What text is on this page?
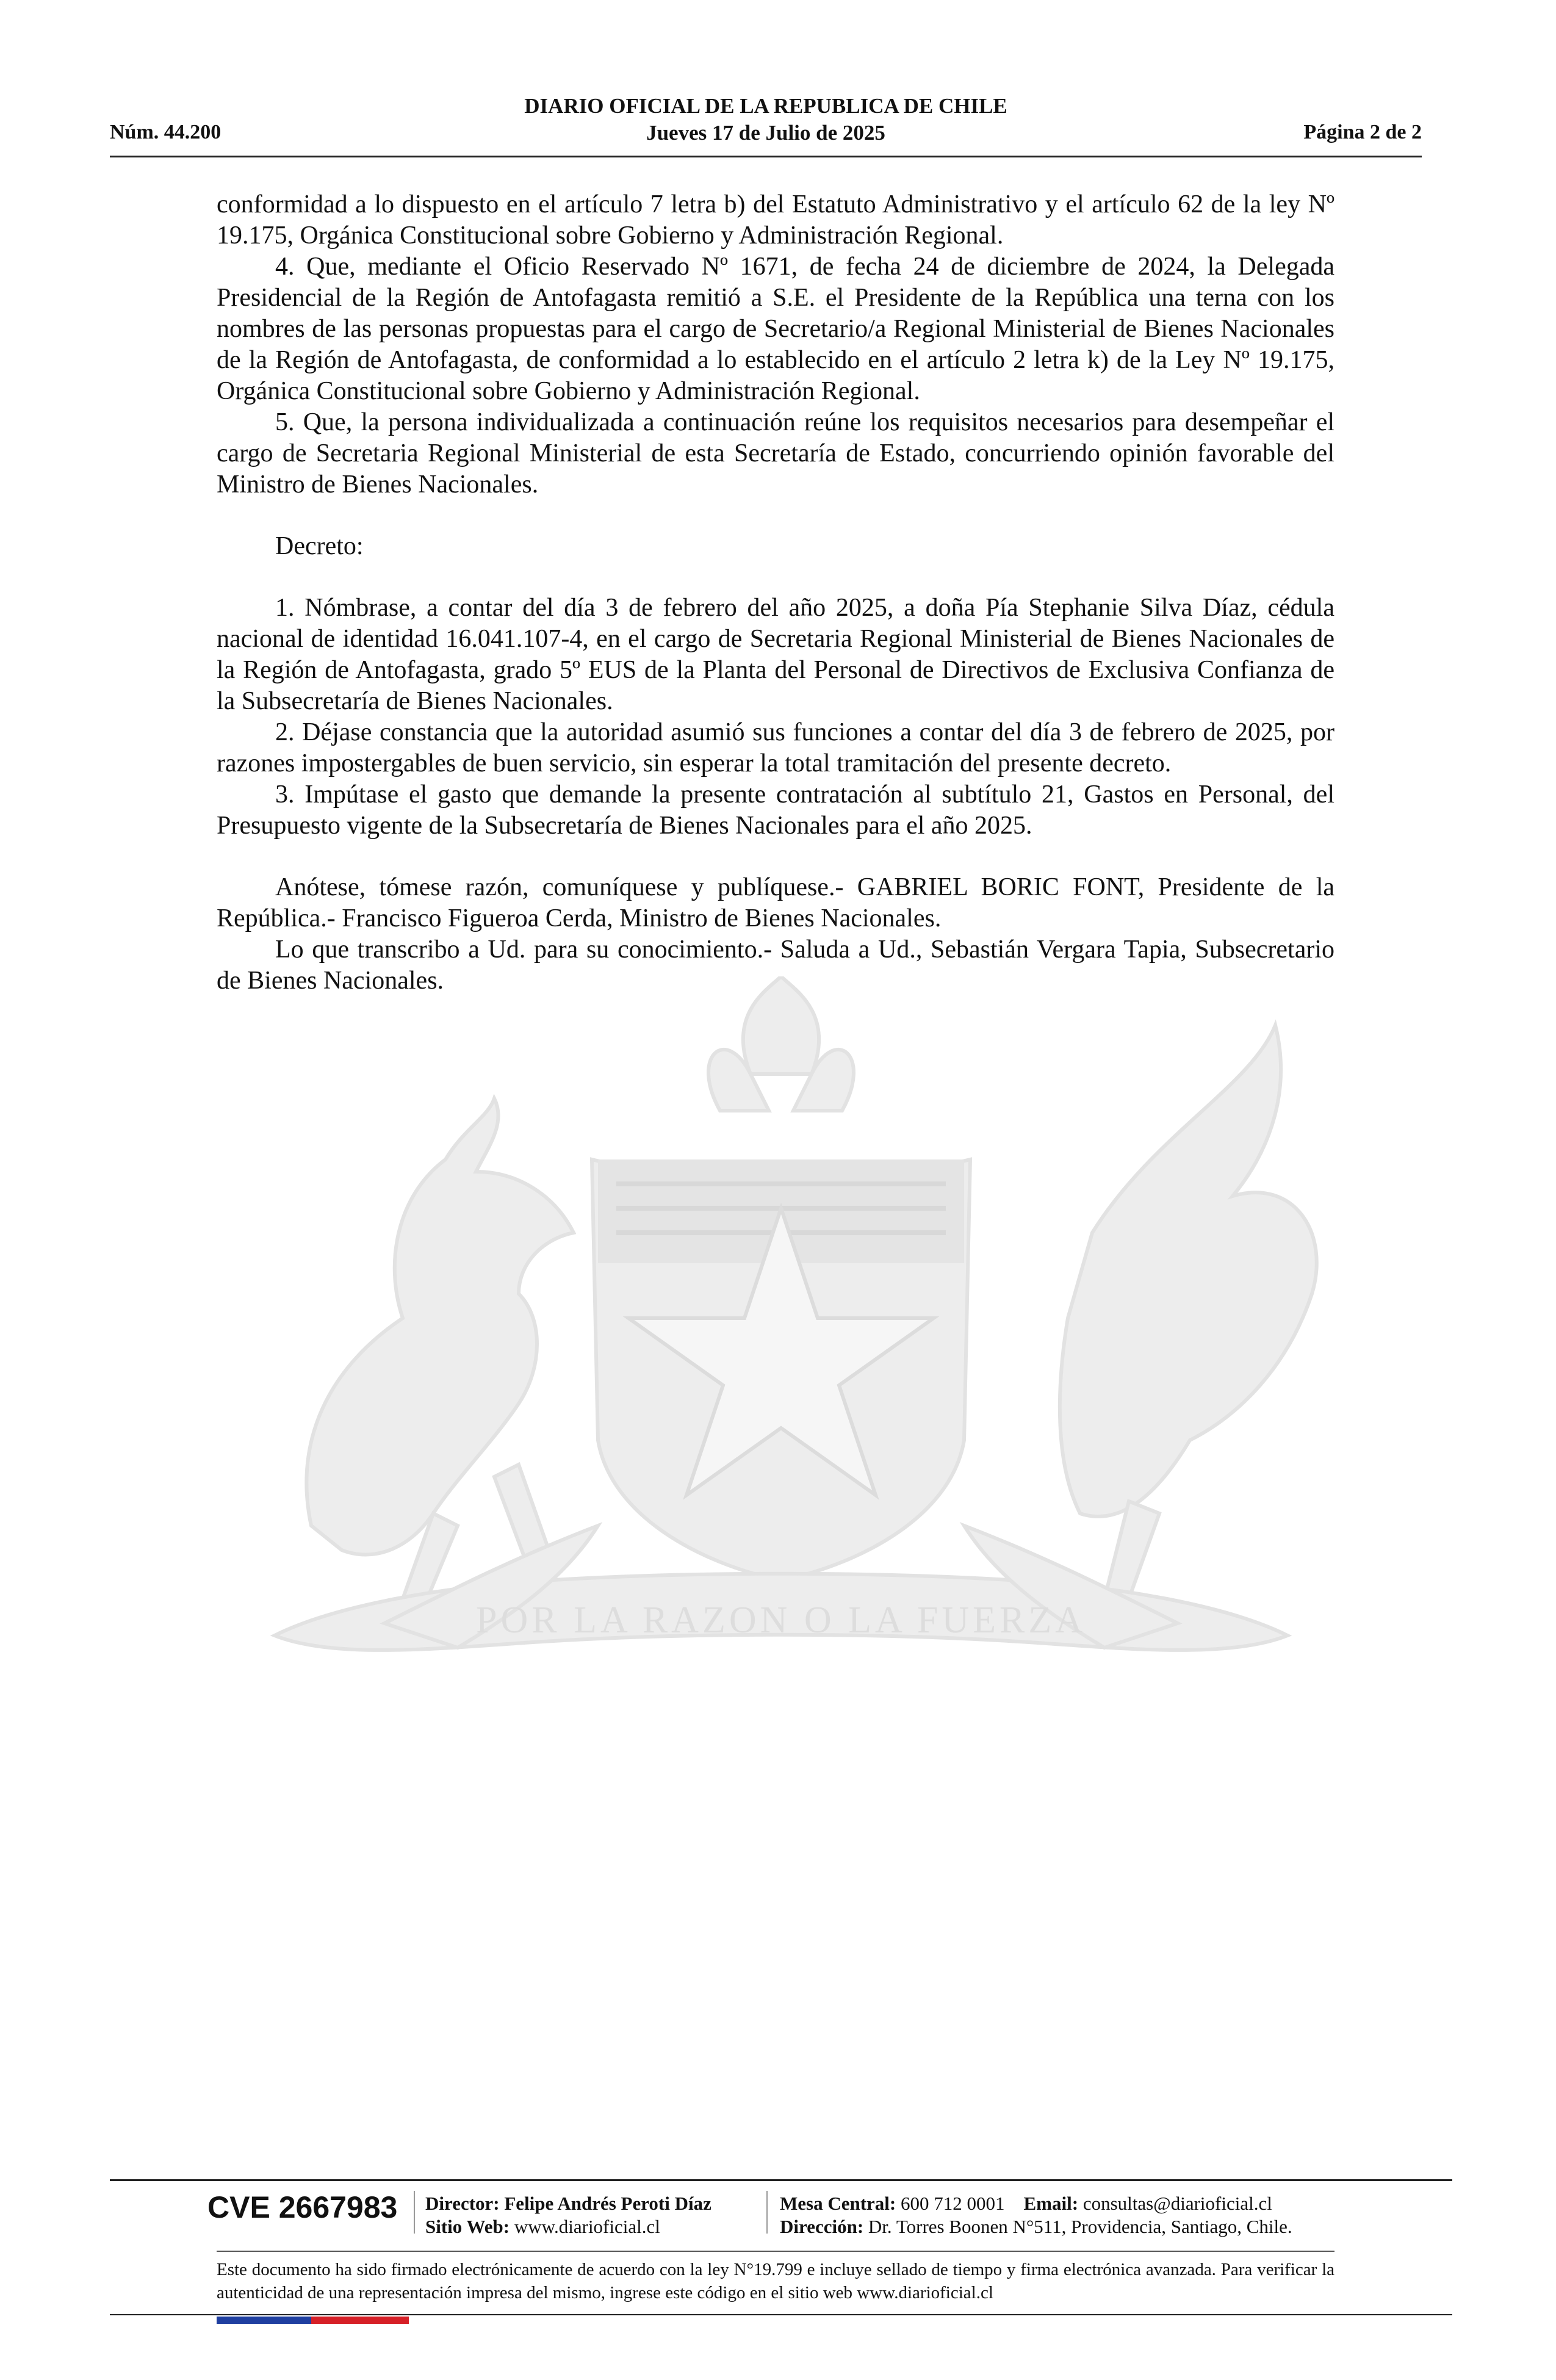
Núm. 44.200
DIARIO OFICIAL DE LA REPUBLICA DE CHILE
Jueves 17 de Julio de 2025	Página 2 de 2
POR LA RAZON O LA FUERZA

conformidad a lo dispuesto en el artículo 7 letra b) del Estatuto Administrativo y el artículo 62 de la ley Nº 19.175, Orgánica Constitucional sobre Gobierno y Administración Regional.

4. Que, mediante el Oficio Reservado Nº 1671, de fecha 24 de diciembre de 2024, la Delegada Presidencial de la Región de Antofagasta remitió a S.E. el Presidente de la República una terna con los nombres de las personas propuestas para el cargo de Secretario/a Regional Ministerial de Bienes Nacionales de la Región de Antofagasta, de conformidad a lo establecido en el artículo 2 letra k) de la Ley Nº 19.175, Orgánica Constitucional sobre Gobierno y Administración Regional.

5. Que, la persona individualizada a continuación reúne los requisitos necesarios para desempeñar el cargo de Secretaria Regional Ministerial de esta Secretaría de Estado, concurriendo opinión favorable del Ministro de Bienes Nacionales.

Decreto:

1. Nómbrase, a contar del día 3 de febrero del año 2025, a doña Pía Stephanie Silva Díaz, cédula nacional de identidad 16.041.107-4, en el cargo de Secretaria Regional Ministerial de Bienes Nacionales de la Región de Antofagasta, grado 5º EUS de la Planta del Personal de Directivos de Exclusiva Confianza de la Subsecretaría de Bienes Nacionales.

2. Déjase constancia que la autoridad asumió sus funciones a contar del día 3 de febrero de 2025, por razones impostergables de buen servicio, sin esperar la total tramitación del presente decreto.

3. Impútase el gasto que demande la presente contratación al subtítulo 21, Gastos en Personal, del Presupuesto vigente de la Subsecretaría de Bienes Nacionales para el año 2025.

Anótese, tómese razón, comuníquese y publíquese.- GABRIEL BORIC FONT, Presidente de la República.- Francisco Figueroa Cerda, Ministro de Bienes Nacionales.

Lo que transcribo a Ud. para su conocimiento.- Saluda a Ud., Sebastián Vergara Tapia, Subsecretario de Bienes Nacionales.

CVE 2667983 Director: Felipe Andrés Peroti Díaz
Sitio Web: www.diarioficial.cl
Mesa Central: 600 712 0001 Email: consultas@diarioficial.cl
Dirección: Dr. Torres Boonen N°511, Providencia, Santiago, Chile.
Este documento ha sido firmado electrónicamente de acuerdo con la ley N°19.799 e incluye sellado de tiempo y firma electrónica avanzada. Para verificar la autenticidad de una representación impresa del mismo, ingrese este código en el sitio web www.diarioficial.cl
